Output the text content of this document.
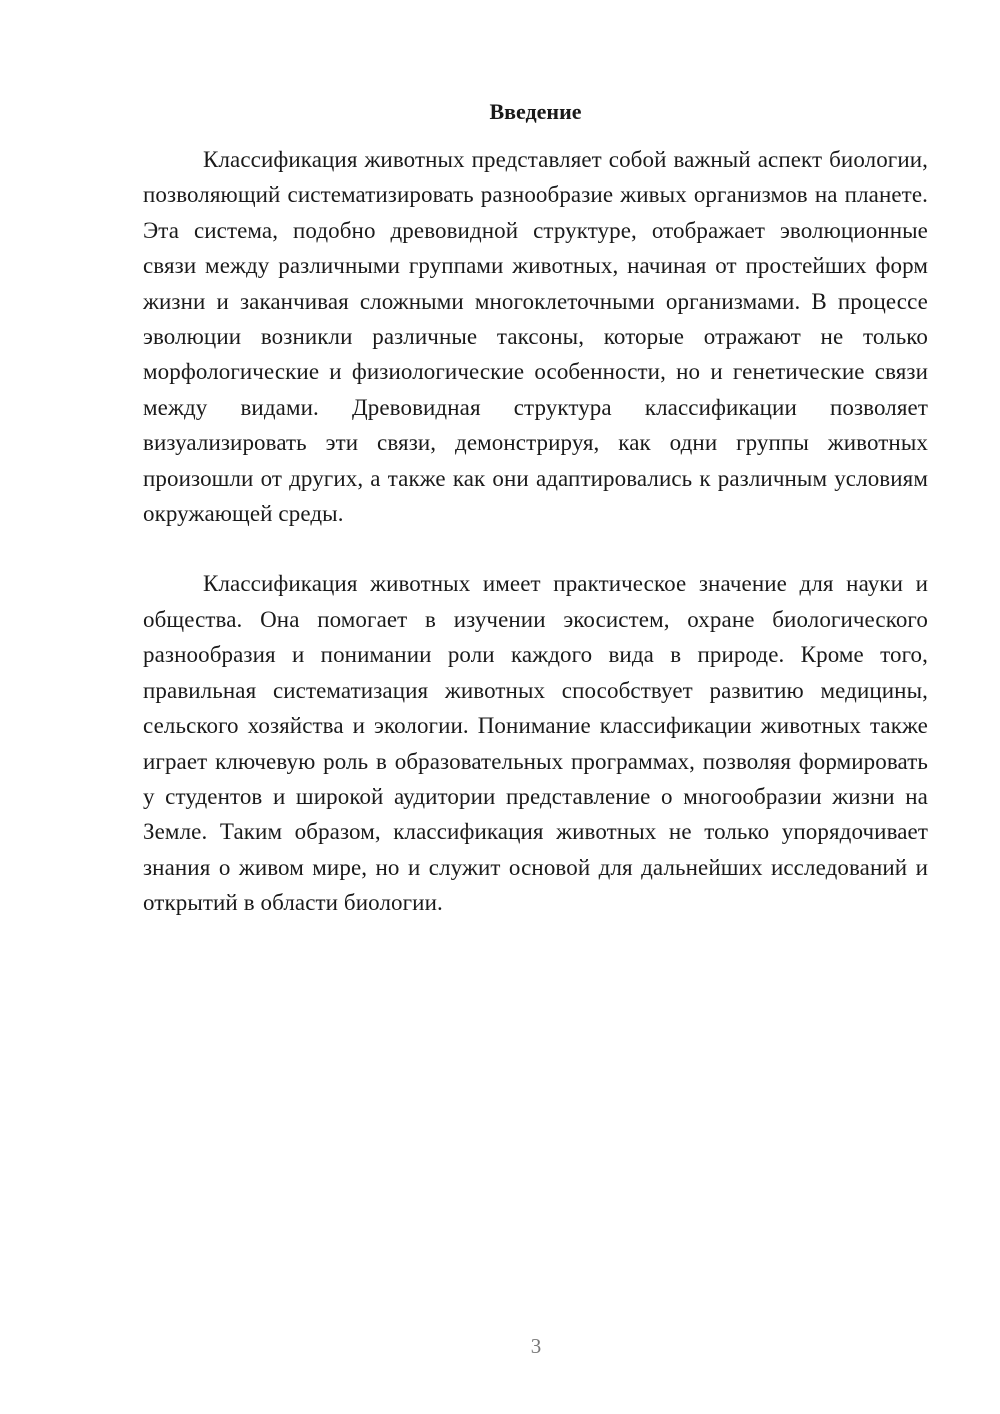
Введение

Классификация животных представляет собой важный аспект биологии, позволяющий систематизировать разнообразие живых организмов на планете. Эта система, подобно древовидной структуре, отображает эволюционные связи между различными группами животных, начиная от простейших форм жизни и заканчивая сложными многоклеточными организмами. В процессе эволюции возникли различные таксоны, которые отражают не только морфологические и физиологические особенности, но и генетические связи между видами. Древовидная структура классификации позволяет визуализировать эти связи, демонстрируя, как одни группы животных произошли от других, а также как они адаптировались к различным условиям окружающей среды.

Классификация животных имеет практическое значение для науки и общества. Она помогает в изучении экосистем, охране биологического разнообразия и понимании роли каждого вида в природе. Кроме того, правильная систематизация животных способствует развитию медицины, сельского хозяйства и экологии. Понимание классификации животных также играет ключевую роль в образовательных программах, позволяя формировать у студентов и широкой аудитории представление о многообразии жизни на Земле. Таким образом, классификация животных не только упорядочивает знания о живом мире, но и служит основой для дальнейших исследований и открытий в области биологии.

3
